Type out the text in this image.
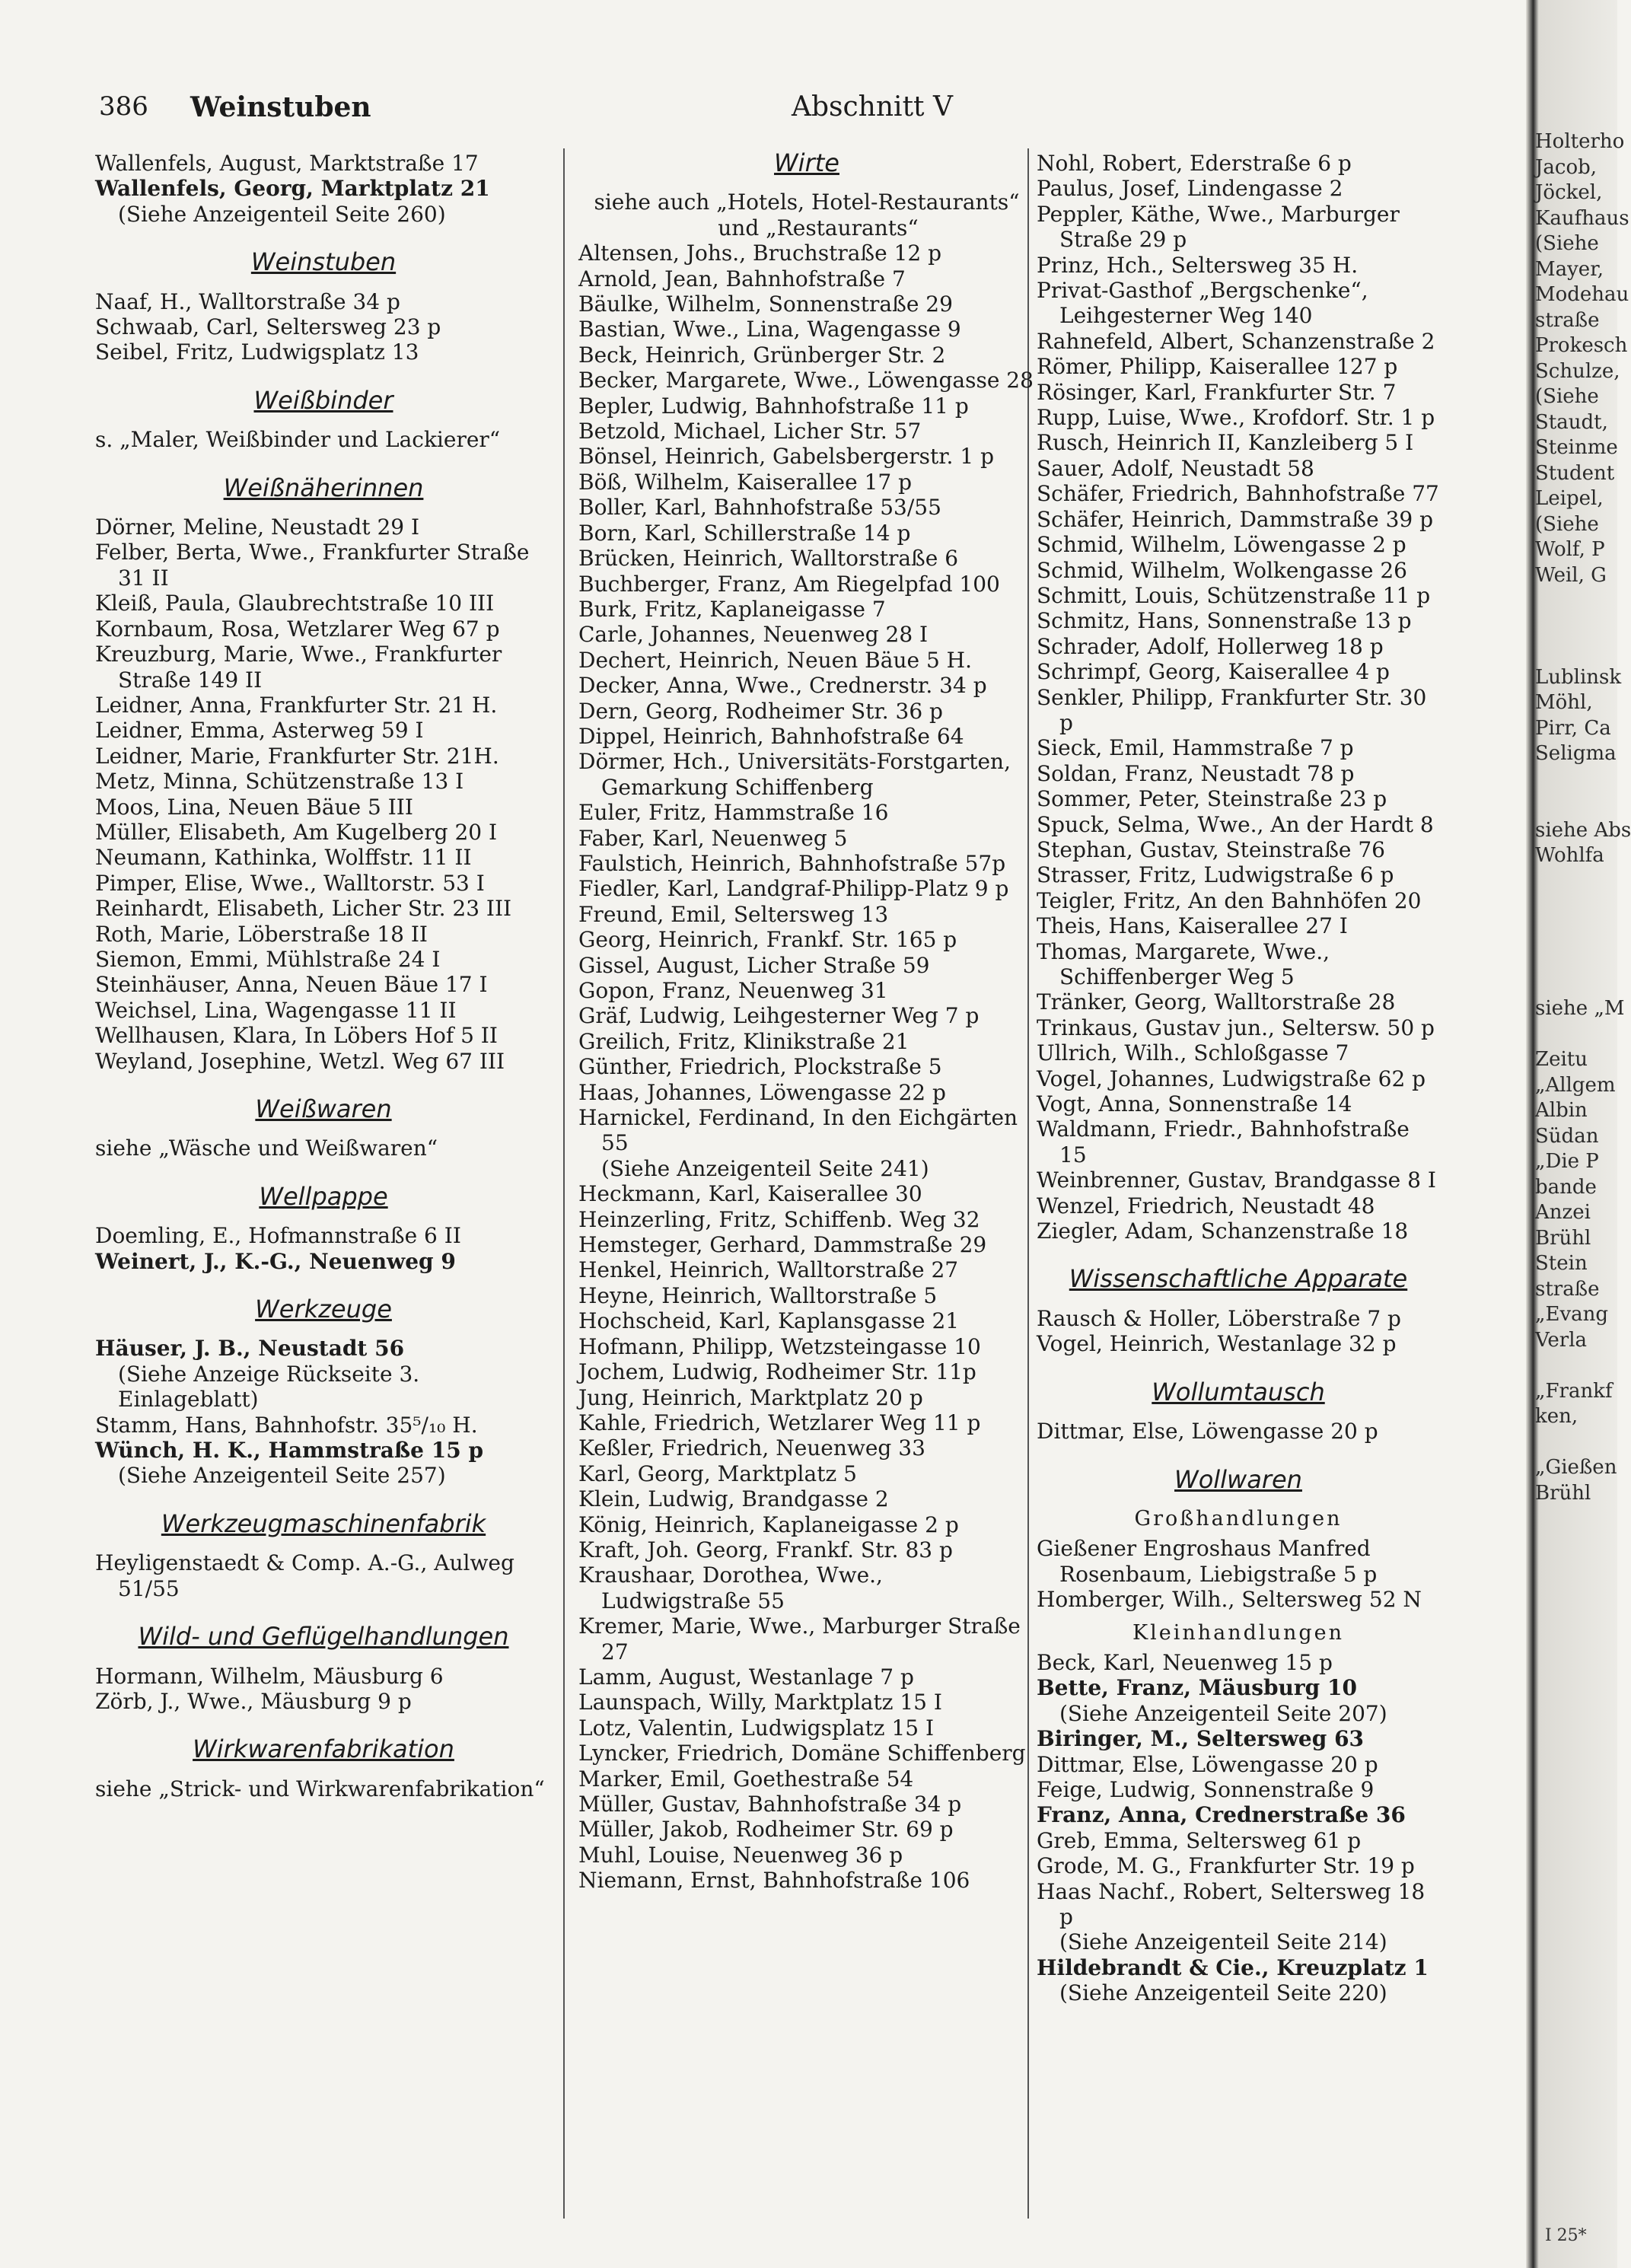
Holterho
Jacob,
Jöckel,
Kaufhaus
(Siehe
Mayer,
Modehau
straße
Prokesch
Schulze,
(Siehe
Staudt,
Steinme
Student
Leipel,
(Siehe
Wolf, P
Weil, G
Lublinsk
Möhl,
Pirr, Ca
Seligma
siehe Abs
Wohlfa
siehe „M
Zeitu
„Allgem
Albin
Südan
„Die P
bande
Anzei
Brühl
Stein
straße
„Evang
Verla
„Frankf
ken,
„Gießen
Brühl
386 Weinstuben	Abschnitt V

Wallenfels, August, Marktstraße 17

Wallenfels, Georg, Marktplatz 21

(Siehe Anzeigenteil Seite 260)

Weinstuben

Naaf, H., Walltorstraße 34 p

Schwaab, Carl, Seltersweg 23 p

Seibel, Fritz, Ludwigsplatz 13

Weißbinder

s. „Maler, Weißbinder und Lackierer“

Weißnäherinnen

Dörner, Meline, Neustadt 29 I

Felber, Berta, Wwe., Frankfurter Straße 31 II

Kleiß, Paula, Glaubrechtstraße 10 III

Kornbaum, Rosa, Wetzlarer Weg 67 p

Kreuzburg, Marie, Wwe., Frankfurter Straße 149 II

Leidner, Anna, Frankfurter Str. 21 H.

Leidner, Emma, Asterweg 59 I

Leidner, Marie, Frankfurter Str. 21H.

Metz, Minna, Schützenstraße 13 I

Moos, Lina, Neuen Bäue 5 III

Müller, Elisabeth, Am Kugelberg 20 I

Neumann, Kathinka, Wolffstr. 11 II

Pimper, Elise, Wwe., Walltorstr. 53 I

Reinhardt, Elisabeth, Licher Str. 23 III

Roth, Marie, Löberstraße 18 II

Siemon, Emmi, Mühlstraße 24 I

Steinhäuser, Anna, Neuen Bäue 17 I

Weichsel, Lina, Wagengasse 11 II

Wellhausen, Klara, In Löbers Hof 5 II

Weyland, Josephine, Wetzl. Weg 67 III

Weißwaren

siehe „Wäsche und Weißwaren“

Wellpappe

Doemling, E., Hofmannstraße 6 II

Weinert, J., K.-G., Neuenweg 9

Werkzeuge

Häuser, J. B., Neustadt 56

(Siehe Anzeige Rückseite 3. Einlageblatt)

Stamm, Hans, Bahnhofstr. 35⁵/₁₀ H.

Wünch, H. K., Hammstraße 15 p

(Siehe Anzeigenteil Seite 257)

Werkzeugmaschinenfabrik

Heyligenstaedt & Comp. A.-G., Aulweg 51/55

Wild- und Geflügelhandlungen

Hormann, Wilhelm, Mäusburg 6

Zörb, J., Wwe., Mäusburg 9 p

Wirkwarenfabrikation

siehe „Strick- und Wirkwarenfabrikation“

Wirte

siehe auch „Hotels, Hotel-Restaurants“ und „Restaurants“

Altensen, Johs., Bruchstraße 12 p

Arnold, Jean, Bahnhofstraße 7

Bäulke, Wilhelm, Sonnenstraße 29

Bastian, Wwe., Lina, Wagengasse 9

Beck, Heinrich, Grünberger Str. 2

Becker, Margarete, Wwe., Löwengasse 28

Bepler, Ludwig, Bahnhofstraße 11 p

Betzold, Michael, Licher Str. 57

Bönsel, Heinrich, Gabelsbergerstr. 1 p

Böß, Wilhelm, Kaiserallee 17 p

Boller, Karl, Bahnhofstraße 53/55

Born, Karl, Schillerstraße 14 p

Brücken, Heinrich, Walltorstraße 6

Buchberger, Franz, Am Riegelpfad 100

Burk, Fritz, Kaplaneigasse 7

Carle, Johannes, Neuenweg 28 I

Dechert, Heinrich, Neuen Bäue 5 H.

Decker, Anna, Wwe., Crednerstr. 34 p

Dern, Georg, Rodheimer Str. 36 p

Dippel, Heinrich, Bahnhofstraße 64

Dörmer, Hch., Universitäts-Forstgarten, Gemarkung Schiffenberg

Euler, Fritz, Hammstraße 16

Faber, Karl, Neuenweg 5

Faulstich, Heinrich, Bahnhofstraße 57p

Fiedler, Karl, Landgraf-Philipp-Platz 9 p

Freund, Emil, Seltersweg 13

Georg, Heinrich, Frankf. Str. 165 p

Gissel, August, Licher Straße 59

Gopon, Franz, Neuenweg 31

Gräf, Ludwig, Leihgesterner Weg 7 p

Greilich, Fritz, Klinikstraße 21

Günther, Friedrich, Plockstraße 5

Haas, Johannes, Löwengasse 22 p

Harnickel, Ferdinand, In den Eichgärten 55

(Siehe Anzeigenteil Seite 241)

Heckmann, Karl, Kaiserallee 30

Heinzerling, Fritz, Schiffenb. Weg 32

Hemsteger, Gerhard, Dammstraße 29

Henkel, Heinrich, Walltorstraße 27

Heyne, Heinrich, Walltorstraße 5

Hochscheid, Karl, Kaplansgasse 21

Hofmann, Philipp, Wetzsteingasse 10

Jochem, Ludwig, Rodheimer Str. 11p

Jung, Heinrich, Marktplatz 20 p

Kahle, Friedrich, Wetzlarer Weg 11 p

Keßler, Friedrich, Neuenweg 33

Karl, Georg, Marktplatz 5

Klein, Ludwig, Brandgasse 2

König, Heinrich, Kaplaneigasse 2 p

Kraft, Joh. Georg, Frankf. Str. 83 p

Kraushaar, Dorothea, Wwe., Ludwigstraße 55

Kremer, Marie, Wwe., Marburger Straße 27

Lamm, August, Westanlage 7 p

Launspach, Willy, Marktplatz 15 I

Lotz, Valentin, Ludwigsplatz 15 I

Lyncker, Friedrich, Domäne Schiffenberg

Marker, Emil, Goethestraße 54

Müller, Gustav, Bahnhofstraße 34 p

Müller, Jakob, Rodheimer Str. 69 p

Muhl, Louise, Neuenweg 36 p

Niemann, Ernst, Bahnhofstraße 106

Nohl, Robert, Ederstraße 6 p

Paulus, Josef, Lindengasse 2

Peppler, Käthe, Wwe., Marburger Straße 29 p

Prinz, Hch., Seltersweg 35 H.

Privat-Gasthof „Bergschenke“, Leihgesterner Weg 140

Rahnefeld, Albert, Schanzenstraße 2

Römer, Philipp, Kaiserallee 127 p

Rösinger, Karl, Frankfurter Str. 7

Rupp, Luise, Wwe., Krofdorf. Str. 1 p

Rusch, Heinrich II, Kanzleiberg 5 I

Sauer, Adolf, Neustadt 58

Schäfer, Friedrich, Bahnhofstraße 77

Schäfer, Heinrich, Dammstraße 39 p

Schmid, Wilhelm, Löwengasse 2 p

Schmid, Wilhelm, Wolkengasse 26

Schmitt, Louis, Schützenstraße 11 p

Schmitz, Hans, Sonnenstraße 13 p

Schrader, Adolf, Hollerweg 18 p

Schrimpf, Georg, Kaiserallee 4 p

Senkler, Philipp, Frankfurter Str. 30 p

Sieck, Emil, Hammstraße 7 p

Soldan, Franz, Neustadt 78 p

Sommer, Peter, Steinstraße 23 p

Spuck, Selma, Wwe., An der Hardt 8

Stephan, Gustav, Steinstraße 76

Strasser, Fritz, Ludwigstraße 6 p

Teigler, Fritz, An den Bahnhöfen 20

Theis, Hans, Kaiserallee 27 I

Thomas, Margarete, Wwe., Schiffenberger Weg 5

Tränker, Georg, Walltorstraße 28

Trinkaus, Gustav jun., Seltersw. 50 p

Ullrich, Wilh., Schloßgasse 7

Vogel, Johannes, Ludwigstraße 62 p

Vogt, Anna, Sonnenstraße 14

Waldmann, Friedr., Bahnhofstraße 15

Weinbrenner, Gustav, Brandgasse 8 I

Wenzel, Friedrich, Neustadt 48

Ziegler, Adam, Schanzenstraße 18

Wissenschaftliche Apparate

Rausch & Holler, Löberstraße 7 p

Vogel, Heinrich, Westanlage 32 p

Wollumtausch

Dittmar, Else, Löwengasse 20 p

Wollwaren
Großhandlungen

Gießener Engroshaus Manfred Rosenbaum, Liebigstraße 5 p

Homberger, Wilh., Seltersweg 52 N

Kleinhandlungen

Beck, Karl, Neuenweg 15 p

Bette, Franz, Mäusburg 10

(Siehe Anzeigenteil Seite 207)

Biringer, M., Seltersweg 63

Dittmar, Else, Löwengasse 20 p

Feige, Ludwig, Sonnenstraße 9

Franz, Anna, Crednerstraße 36

Greb, Emma, Seltersweg 61 p

Grode, M. G., Frankfurter Str. 19 p

Haas Nachf., Robert, Seltersweg 18 p

(Siehe Anzeigenteil Seite 214)

Hildebrandt & Cie., Kreuzplatz 1

(Siehe Anzeigenteil Seite 220)

I 25*
